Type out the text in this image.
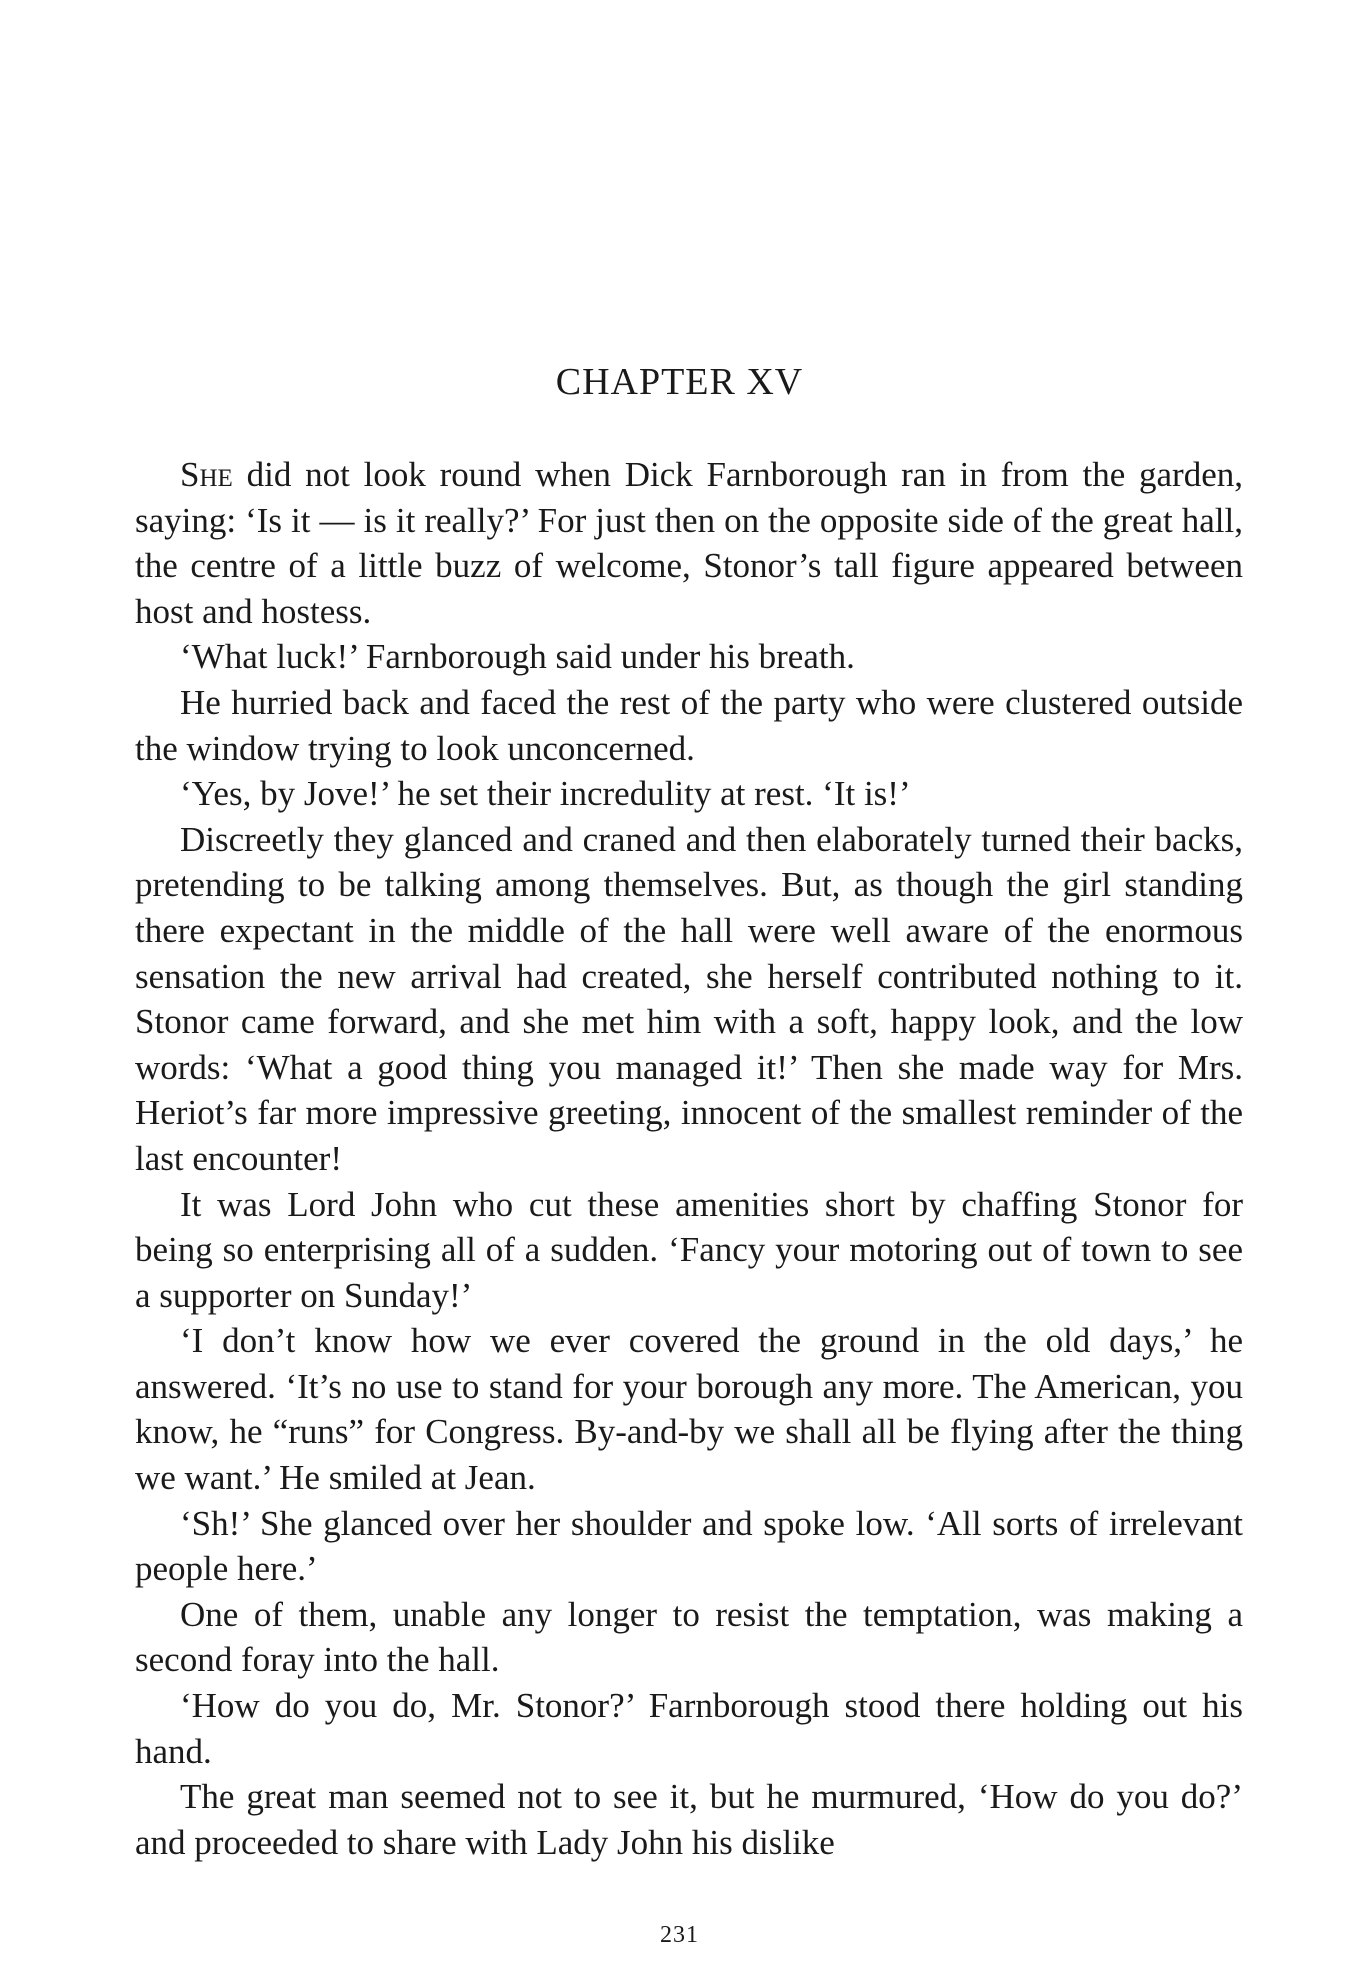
CHAPTER XV

She did not look round when Dick Farnborough ran in from the garden, saying: ‘Is it — is it really?’ For just then on the opposite side of the great hall, the centre of a little buzz of welcome, Stonor’s tall figure appeared between host and hostess.

‘What luck!’ Farnborough said under his breath.

He hurried back and faced the rest of the party who were clustered outside the window trying to look unconcerned.

‘Yes, by Jove!’ he set their incredulity at rest. ‘It is!’

Discreetly they glanced and craned and then elaborately turned their backs, pretending to be talking among themselves. But, as though the girl standing there expectant in the middle of the hall were well aware of the enormous sensation the new arrival had created, she herself contributed nothing to it. Stonor came forward, and she met him with a soft, happy look, and the low words: ‘What a good thing you managed it!’ Then she made way for Mrs. Heriot’s far more impressive greeting, innocent of the smallest reminder of the last encounter!

It was Lord John who cut these amenities short by chaffing Stonor for being so enterprising all of a sudden. ‘Fancy your motoring out of town to see a supporter on Sunday!’

‘I don’t know how we ever covered the ground in the old days,’ he answered. ‘It’s no use to stand for your borough any more. The American, you know, he “runs” for Congress. By-and-by we shall all be flying after the thing we want.’ He smiled at Jean.

‘Sh!’ She glanced over her shoulder and spoke low. ‘All sorts of irrelevant people here.’

One of them, unable any longer to resist the temptation, was making a second foray into the hall.

‘How do you do, Mr. Stonor?’ Farnborough stood there holding out his hand.

The great man seemed not to see it, but he murmured, ‘How do you do?’ and proceeded to share with Lady John his dislike

231
